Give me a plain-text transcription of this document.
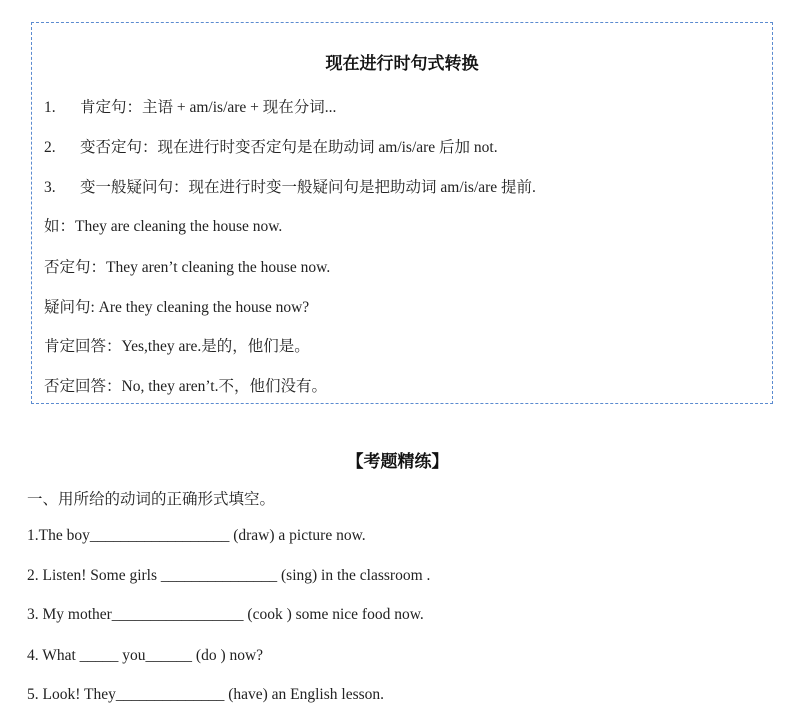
现在进行时句式转换
1. 肯定句：主语 + am/is/are + 现在分词...
2. 变否定句：现在进行时变否定句是在助动词 am/is/are 后加 not.
3. 变一般疑问句：现在进行时变一般疑问句是把助动词 am/is/are 提前.
如：They are cleaning the house now.
否定句：They aren’t cleaning the house now.
疑问句: Are they cleaning the house now?
肯定回答：Yes,they are.是的，他们是。
否定回答：No, they aren’t.不，他们没有。
【考题精练】
一、用所给的动词的正确形式填空。
1.The boy__________________ (draw) a picture now.
2. Listen! Some girls _______________ (sing) in the classroom .
3. My mother_________________ (cook ) some nice food now.
4. What _____ you______ (do ) now?
5. Look! They______________ (have) an English lesson.
